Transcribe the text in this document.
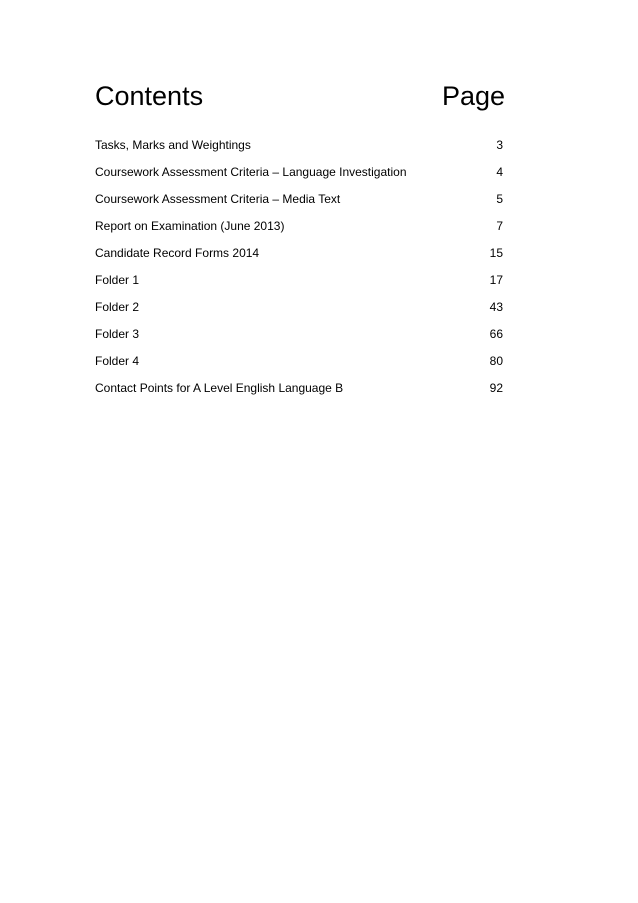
Contents	Page
Tasks, Marks and Weightings	3
Coursework Assessment Criteria – Language Investigation	4
Coursework Assessment Criteria – Media Text	5
Report on Examination (June 2013)	7
Candidate Record Forms 2014	15
Folder 1	17
Folder 2	43
Folder 3	66
Folder 4	80
Contact Points for A Level English Language B	92
